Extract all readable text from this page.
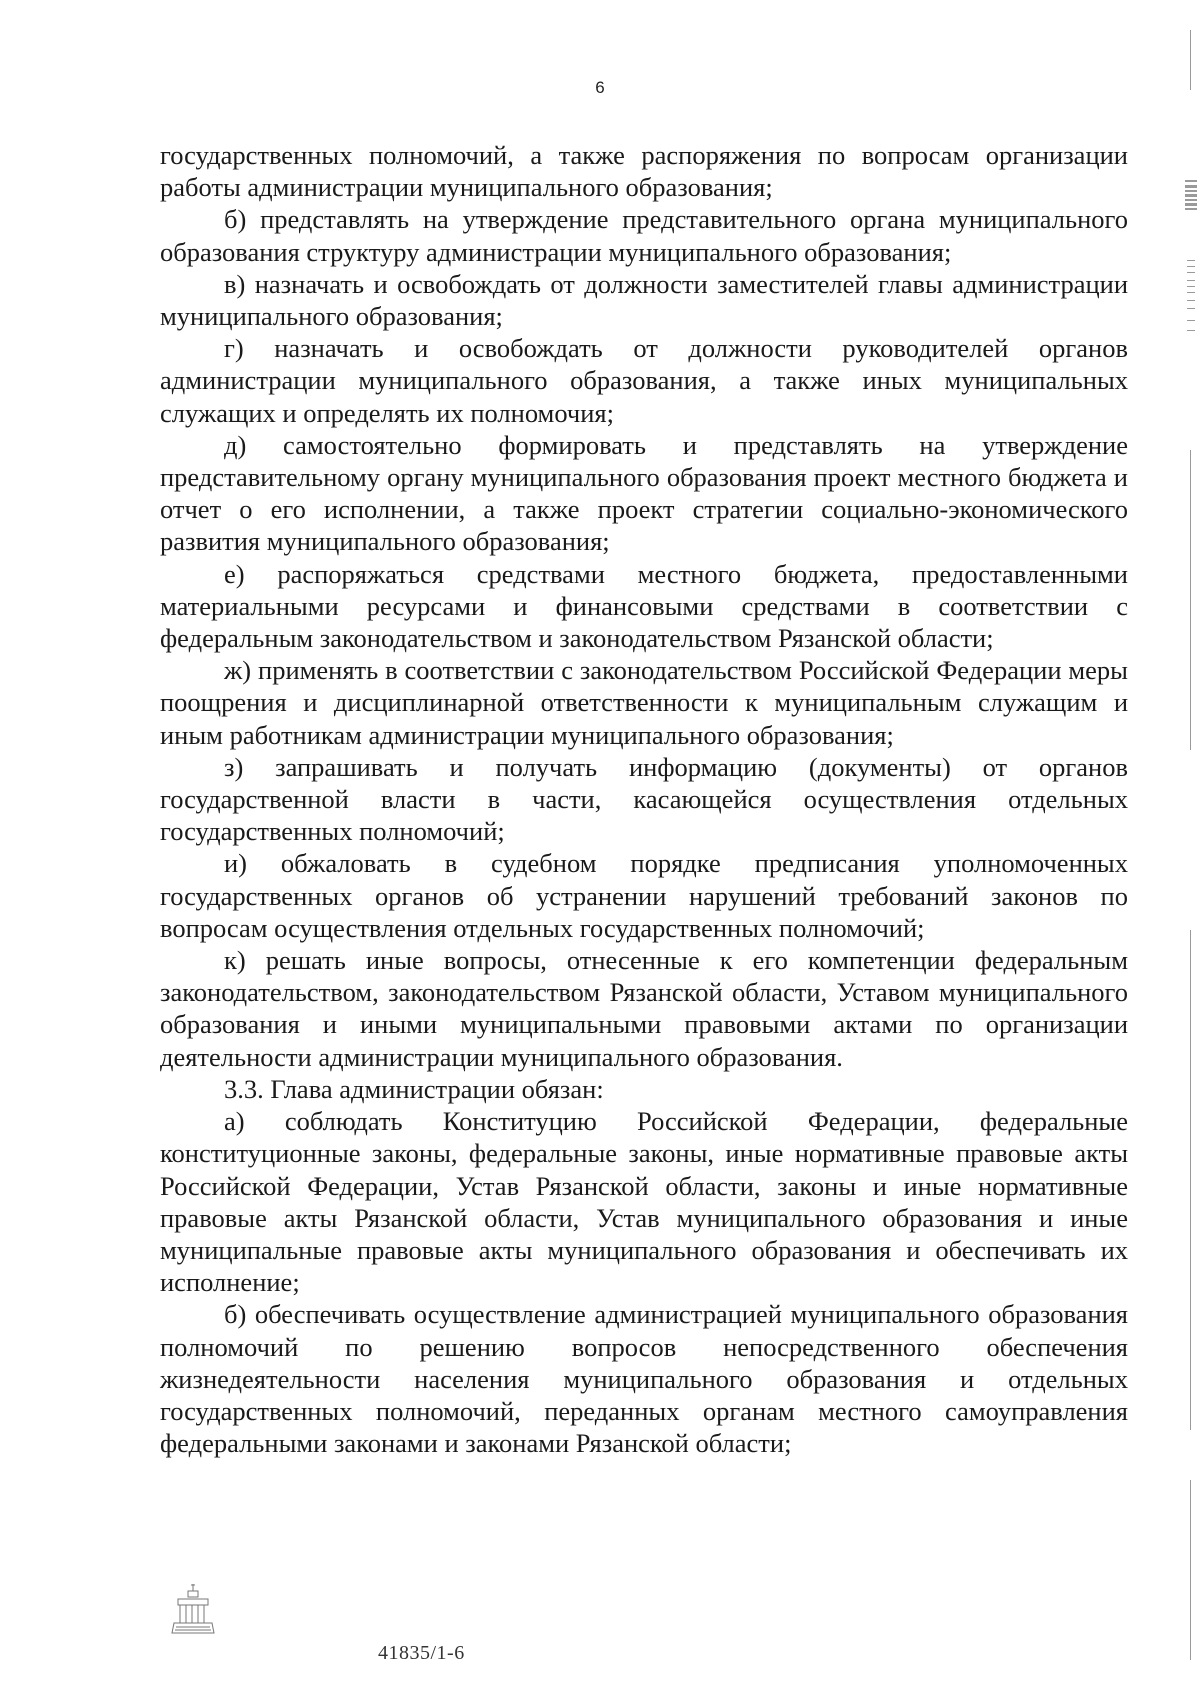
6

государственных полномочий, а также распоряжения по вопросам организации работы администрации муниципального образования;

б) представлять на утверждение представительного органа муниципального образования структуру администрации муниципального образования;

в) назначать и освобождать от должности заместителей главы администрации муниципального образования;

г) назначать и освобождать от должности руководителей органов администрации муниципального образования, а также иных муниципальных служащих и определять их полномочия;

д) самостоятельно формировать и представлять на утверждение представительному органу муниципального образования проект местного бюджета и отчет о его исполнении, а также проект стратегии социально-экономического развития муниципального образования;

е) распоряжаться средствами местного бюджета, предоставленными материальными ресурсами и финансовыми средствами в соответствии с федеральным законодательством и законодательством Рязанской области;

ж) применять в соответствии с законодательством Российской Федерации меры поощрения и дисциплинарной ответственности к муниципальным служащим и иным работникам администрации муниципального образования;

з) запрашивать и получать информацию (документы) от органов государственной власти в части, касающейся осуществления отдельных государственных полномочий;

и) обжаловать в судебном порядке предписания уполномоченных государственных органов об устранении нарушений требований законов по вопросам осуществления отдельных государственных полномочий;

к) решать иные вопросы, отнесенные к его компетенции федеральным законодательством, законодательством Рязанской области, Уставом муниципального образования и иными муниципальными правовыми актами по организации деятельности администрации муниципального образования.

3.3. Глава администрации обязан:

а) соблюдать Конституцию Российской Федерации, федеральные конституционные законы, федеральные законы, иные нормативные правовые акты Российской Федерации, Устав Рязанской области, законы и иные нормативные правовые акты Рязанской области, Устав муниципального образования и иные муниципальные правовые акты муниципального образования и обеспечивать их исполнение;

б) обеспечивать осуществление администрацией муниципального образования полномочий по решению вопросов непосредственного обеспечения жизнедеятельности населения муниципального образования и отдельных государственных полномочий, переданных органам местного самоуправления федеральными законами и законами Рязанской области;

41835/1-6
